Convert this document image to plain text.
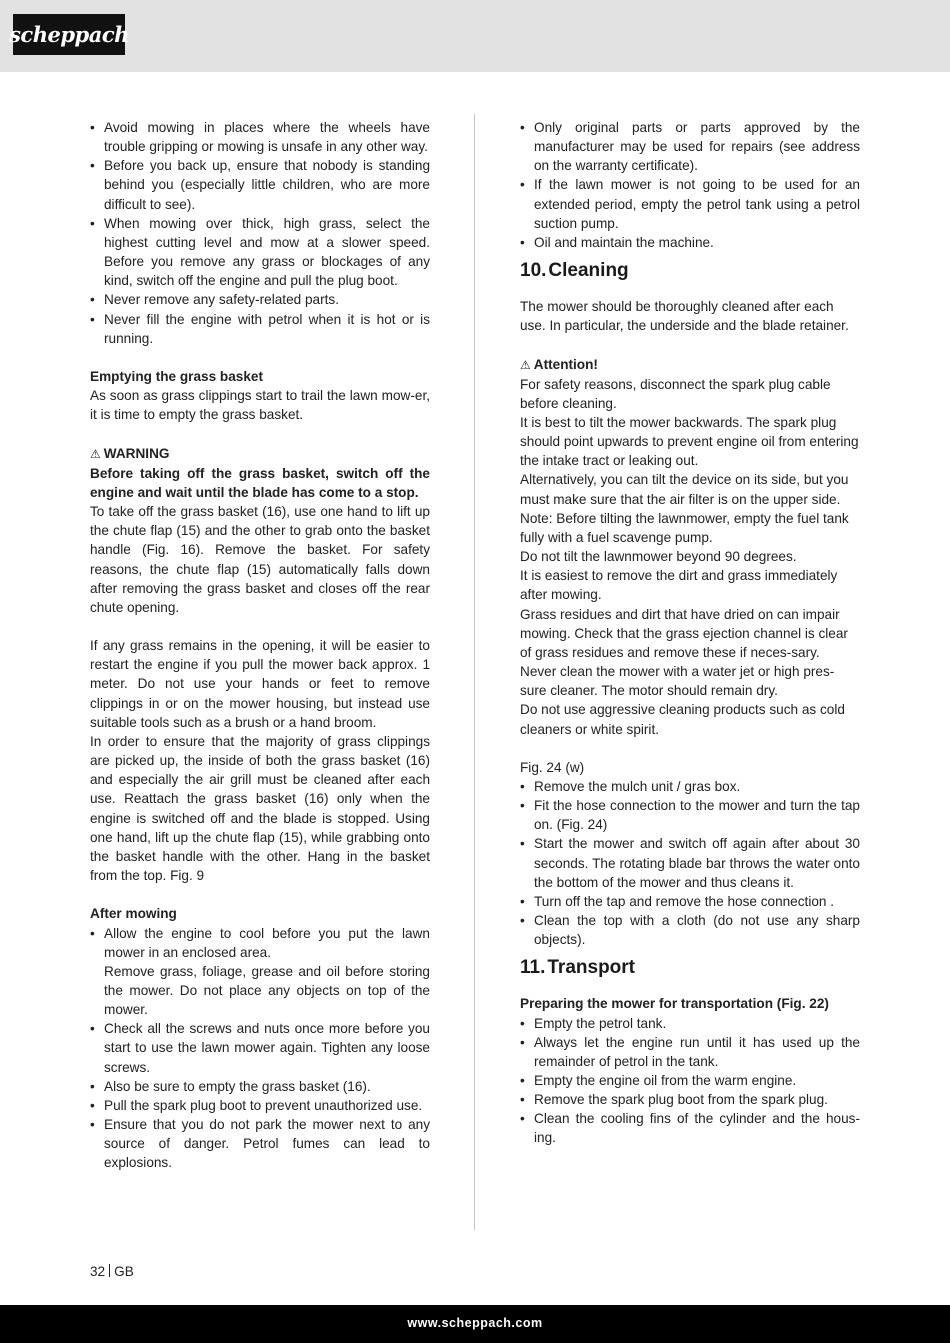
scheppach
• Avoid mowing in places where the wheels have trouble gripping or mowing is unsafe in any other way.
• Before you back up, ensure that nobody is standing behind you (especially little children, who are more difficult to see).
• When mowing over thick, high grass, select the highest cutting level and mow at a slower speed. Before you remove any grass or blockages of any kind, switch off the engine and pull the plug boot.
• Never remove any safety-related parts.
• Never fill the engine with petrol when it is hot or is running.

Emptying the grass basket

As soon as grass clippings start to trail the lawn mow-er, it is time to empty the grass basket.

⚠ WARNING

Before taking off the grass basket, switch off the engine and wait until the blade has come to a stop.

To take off the grass basket (16), use one hand to lift up the chute flap (15) and the other to grab onto the basket handle (Fig. 16). Remove the basket. For safety reasons, the chute flap (15) automatically falls down after removing the grass basket and closes off the rear chute opening.

If any grass remains in the opening, it will be easier to restart the engine if you pull the mower back approx. 1 meter. Do not use your hands or feet to remove clippings in or on the mower housing, but instead use suitable tools such as a brush or a hand broom.

In order to ensure that the majority of grass clippings are picked up, the inside of both the grass basket (16) and especially the air grill must be cleaned after each use. Reattach the grass basket (16) only when the engine is switched off and the blade is stopped. Using one hand, lift up the chute flap (15), while grabbing onto the basket handle with the other. Hang in the basket from the top. Fig. 9

After mowing

• Allow the engine to cool before you put the lawn mower in an enclosed area.
Remove grass, foliage, grease and oil before storing the mower. Do not place any objects on top of the mower.
• Check all the screws and nuts once more before you start to use the lawn mower again. Tighten any loose screws.
• Also be sure to empty the grass basket (16).
• Pull the spark plug boot to prevent unauthorized use.
• Ensure that you do not park the mower next to any source of danger. Petrol fumes can lead to explosions.
• Only original parts or parts approved by the manufacturer may be used for repairs (see address on the warranty certificate).
• If the lawn mower is not going to be used for an extended period, empty the petrol tank using a petrol suction pump.
• Oil and maintain the machine.
10. Cleaning

The mower should be thoroughly cleaned after each use. In particular, the underside and the blade retainer.

⚠ Attention!

For safety reasons, disconnect the spark plug cable before cleaning.

It is best to tilt the mower backwards. The spark plug should point upwards to prevent engine oil from entering the intake tract or leaking out.

Alternatively, you can tilt the device on its side, but you must make sure that the air filter is on the upper side.

Note: Before tilting the lawnmower, empty the fuel tank fully with a fuel scavenge pump.

Do not tilt the lawnmower beyond 90 degrees.

It is easiest to remove the dirt and grass immediately after mowing.

Grass residues and dirt that have dried on can impair mowing. Check that the grass ejection channel is clear of grass residues and remove these if neces-sary.

Never clean the mower with a water jet or high pres-sure cleaner. The motor should remain dry.

Do not use aggressive cleaning products such as cold cleaners or white spirit.

Fig. 24 (w)

• Remove the mulch unit / gras box.
• Fit the hose connection to the mower and turn the tap on. (Fig. 24)
• Start the mower and switch off again after about 30 seconds. The rotating blade bar throws the water onto the bottom of the mower and thus cleans it.
• Turn off the tap and remove the hose connection .
• Clean the top with a cloth (do not use any sharp objects).
11. Transport

Preparing the mower for transportation (Fig. 22)

• Empty the petrol tank.
• Always let the engine run until it has used up the remainder of petrol in the tank.
• Empty the engine oil from the warm engine.
• Remove the spark plug boot from the spark plug.
• Clean the cooling fins of the cylinder and the hous-ing.
32 GB
www.scheppach.com
